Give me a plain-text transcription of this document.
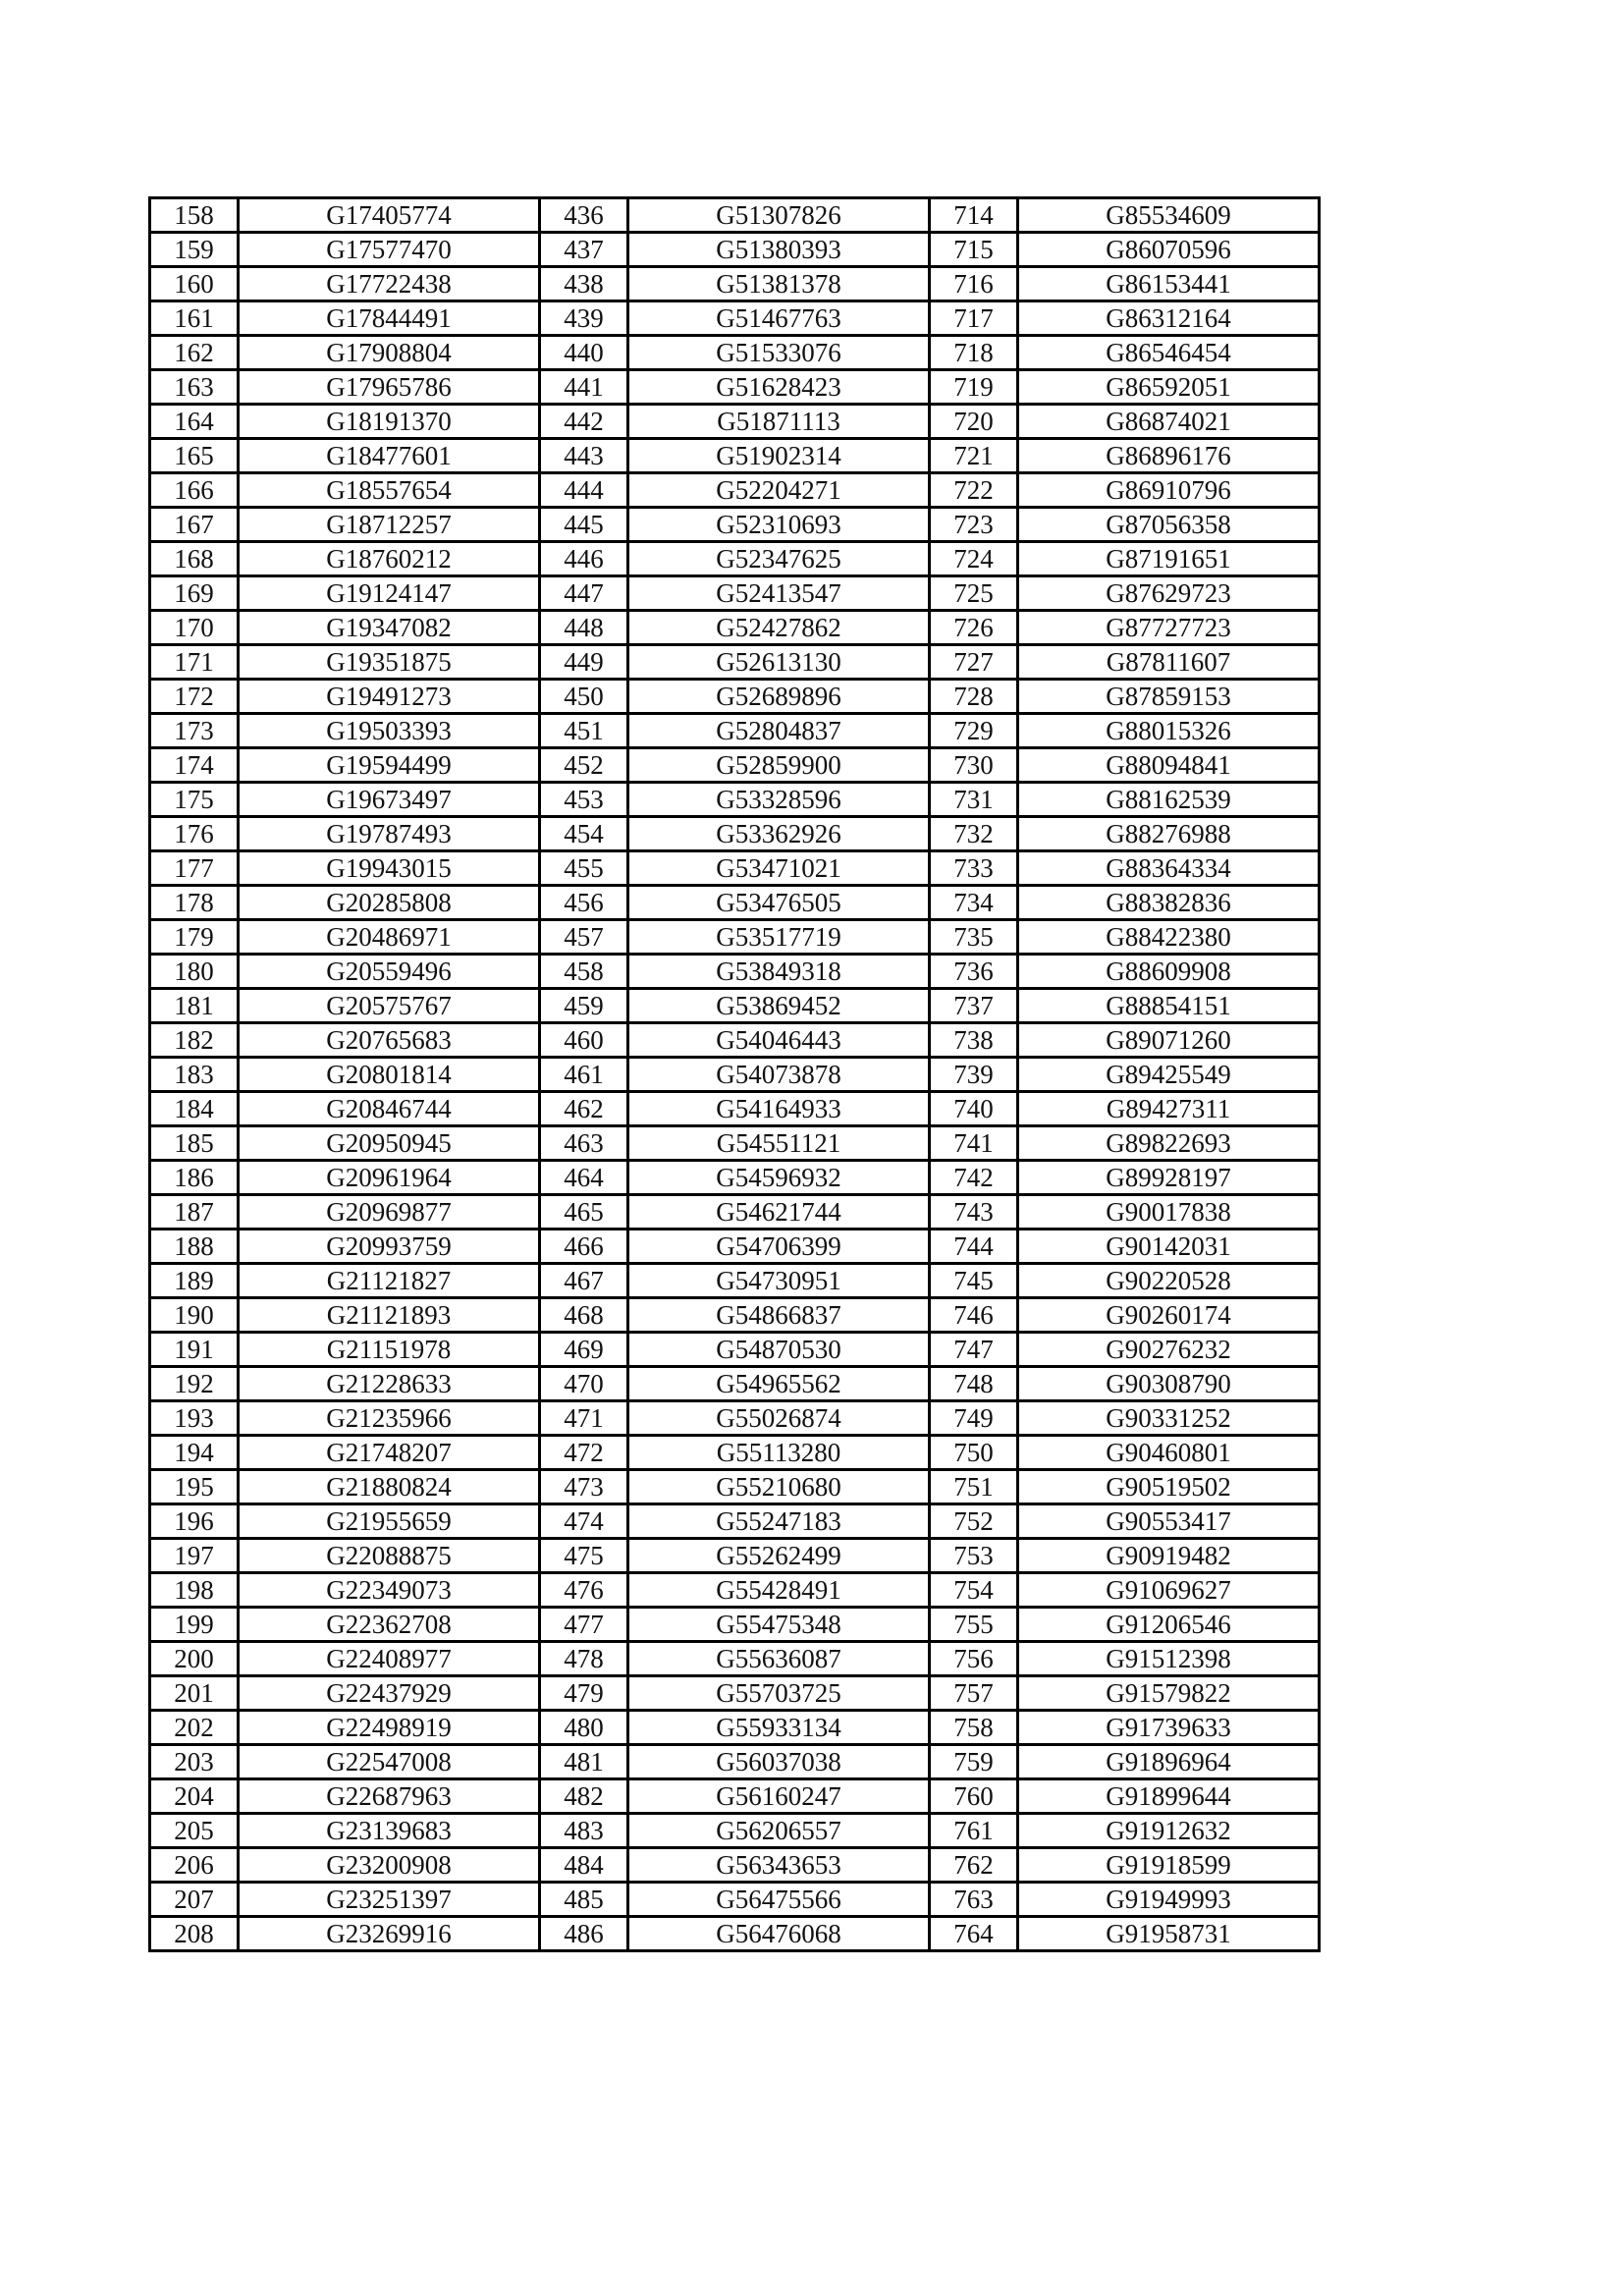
158	G17405774	436	G51307826	714	G85534609
159	G17577470	437	G51380393	715	G86070596
160	G17722438	438	G51381378	716	G86153441
161	G17844491	439	G51467763	717	G86312164
162	G17908804	440	G51533076	718	G86546454
163	G17965786	441	G51628423	719	G86592051
164	G18191370	442	G51871113	720	G86874021
165	G18477601	443	G51902314	721	G86896176
166	G18557654	444	G52204271	722	G86910796
167	G18712257	445	G52310693	723	G87056358
168	G18760212	446	G52347625	724	G87191651
169	G19124147	447	G52413547	725	G87629723
170	G19347082	448	G52427862	726	G87727723
171	G19351875	449	G52613130	727	G87811607
172	G19491273	450	G52689896	728	G87859153
173	G19503393	451	G52804837	729	G88015326
174	G19594499	452	G52859900	730	G88094841
175	G19673497	453	G53328596	731	G88162539
176	G19787493	454	G53362926	732	G88276988
177	G19943015	455	G53471021	733	G88364334
178	G20285808	456	G53476505	734	G88382836
179	G20486971	457	G53517719	735	G88422380
180	G20559496	458	G53849318	736	G88609908
181	G20575767	459	G53869452	737	G88854151
182	G20765683	460	G54046443	738	G89071260
183	G20801814	461	G54073878	739	G89425549
184	G20846744	462	G54164933	740	G89427311
185	G20950945	463	G54551121	741	G89822693
186	G20961964	464	G54596932	742	G89928197
187	G20969877	465	G54621744	743	G90017838
188	G20993759	466	G54706399	744	G90142031
189	G21121827	467	G54730951	745	G90220528
190	G21121893	468	G54866837	746	G90260174
191	G21151978	469	G54870530	747	G90276232
192	G21228633	470	G54965562	748	G90308790
193	G21235966	471	G55026874	749	G90331252
194	G21748207	472	G55113280	750	G90460801
195	G21880824	473	G55210680	751	G90519502
196	G21955659	474	G55247183	752	G90553417
197	G22088875	475	G55262499	753	G90919482
198	G22349073	476	G55428491	754	G91069627
199	G22362708	477	G55475348	755	G91206546
200	G22408977	478	G55636087	756	G91512398
201	G22437929	479	G55703725	757	G91579822
202	G22498919	480	G55933134	758	G91739633
203	G22547008	481	G56037038	759	G91896964
204	G22687963	482	G56160247	760	G91899644
205	G23139683	483	G56206557	761	G91912632
206	G23200908	484	G56343653	762	G91918599
207	G23251397	485	G56475566	763	G91949993
208	G23269916	486	G56476068	764	G91958731
